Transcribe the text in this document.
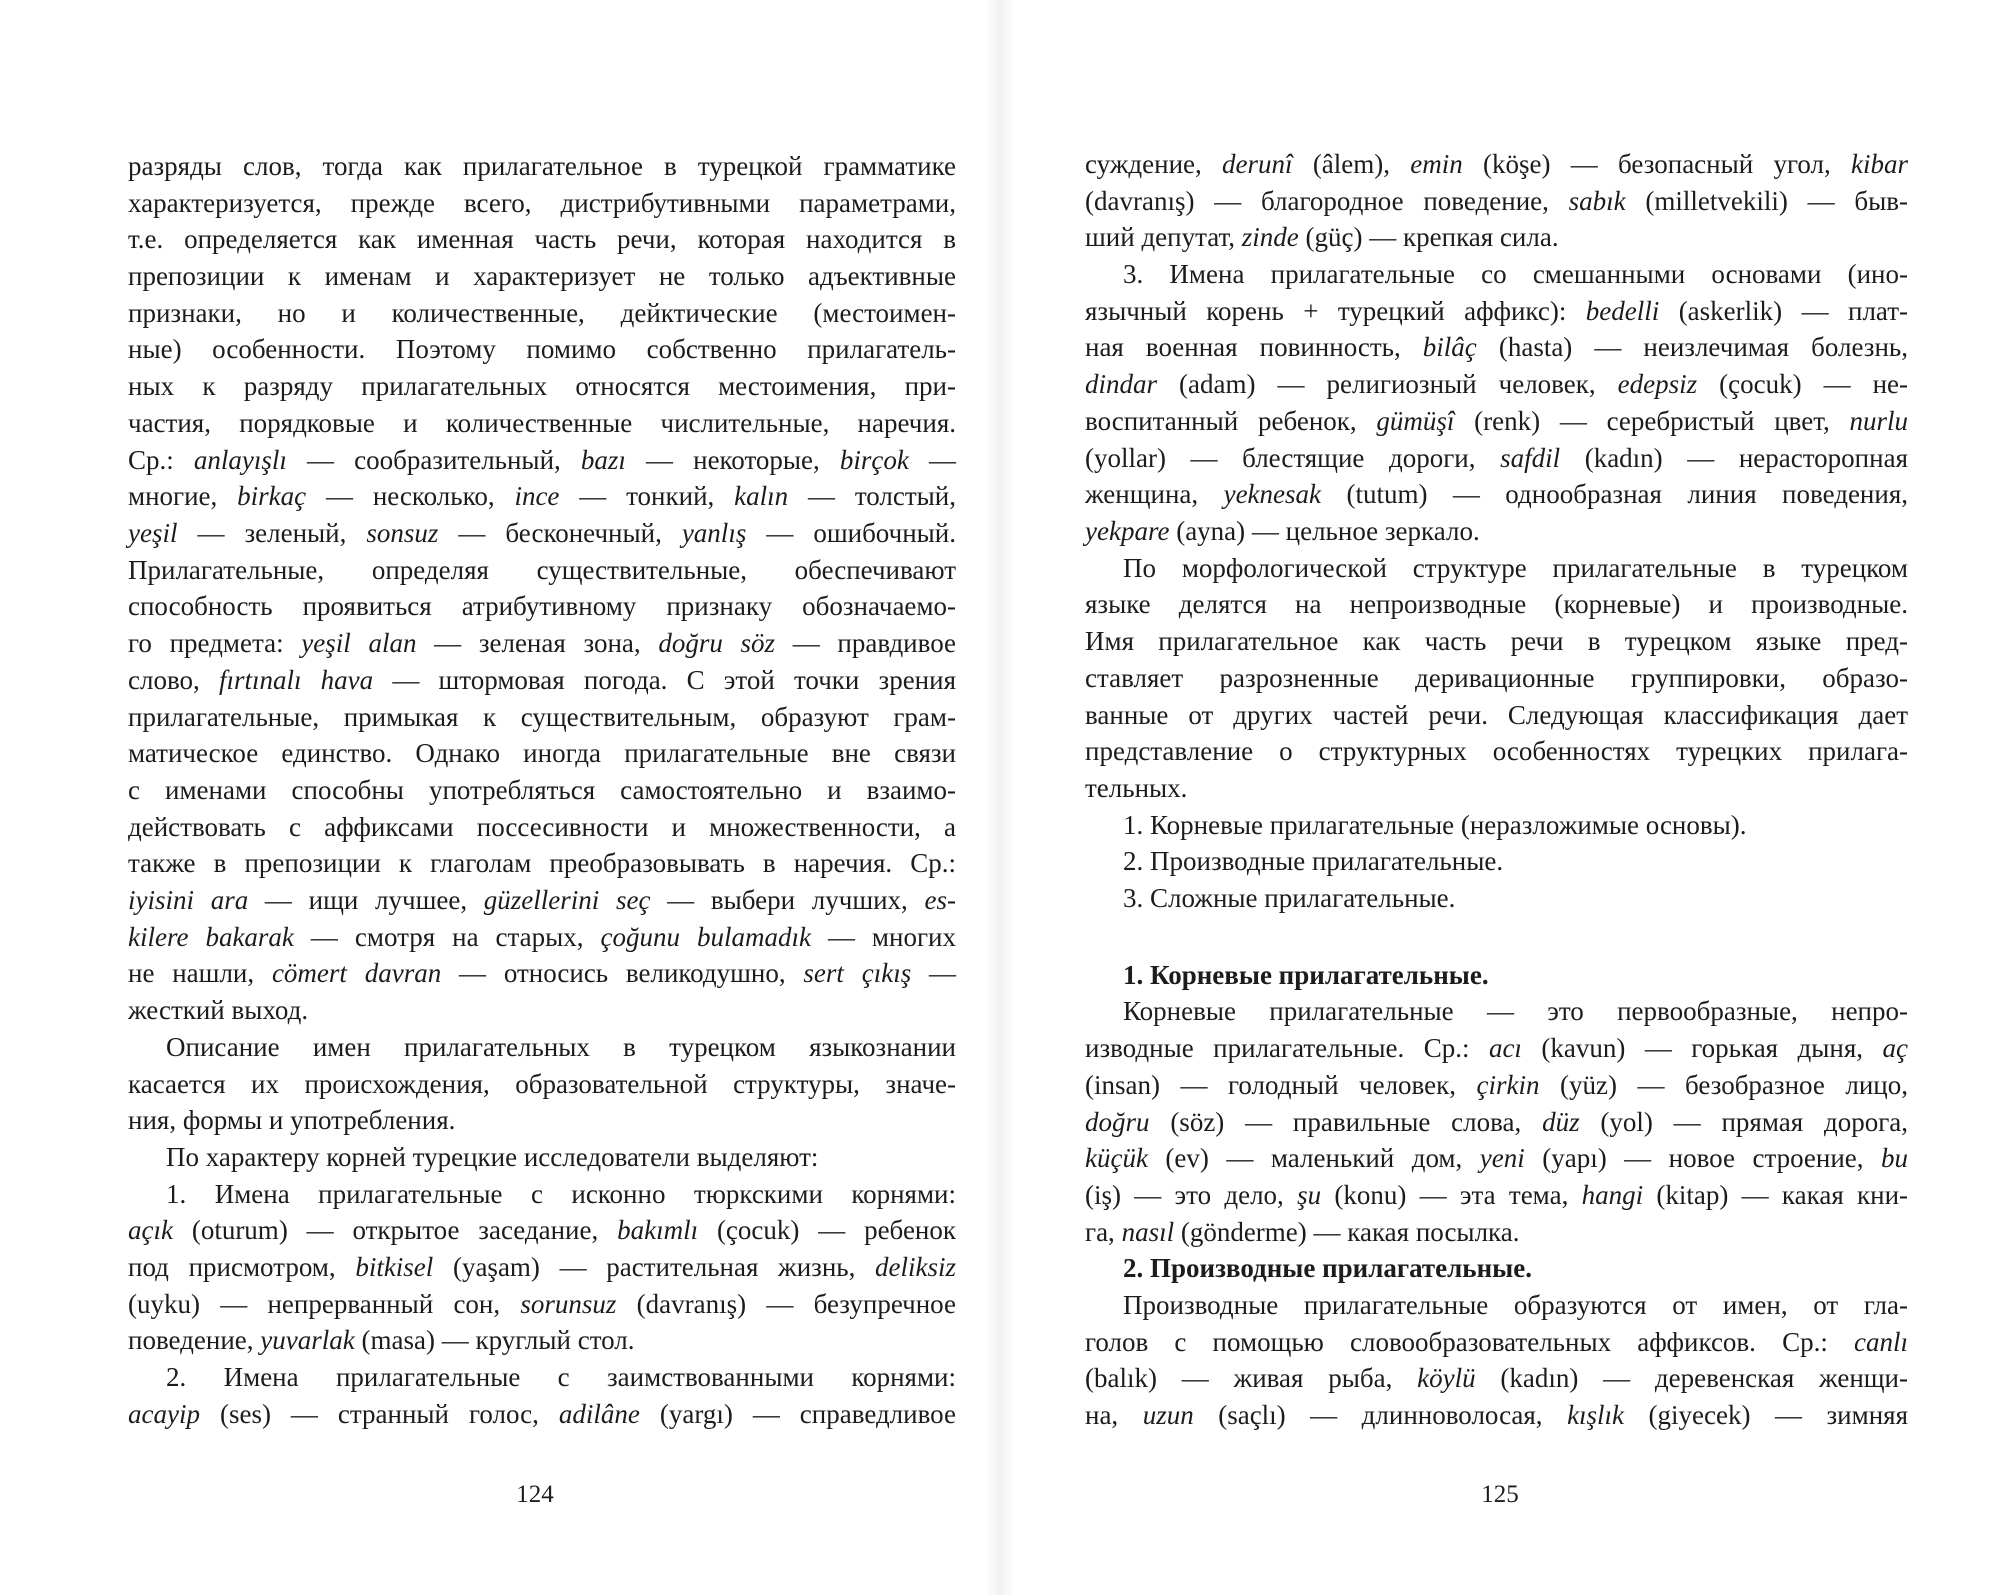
разряды слов, тогда как прилагательное в турецкой грамматике
характеризуется, прежде всего, дистрибутивными параметрами,
т.е. определяется как именная часть речи, которая находится в
препозиции к именам и характеризует не только адъективные
признаки, но и количественные, дейктические (местоимен-
ные) особенности. Поэтому помимо собственно прилагатель-
ных к разряду прилагательных относятся местоимения, при-
частия, порядковые и количественные числительные, наречия.
Ср.: anlayışlı — сообразительный, bazı — некоторые, birçok —
многие, birkaç — несколько, ince — тонкий, kalın — толстый,
yeşil — зеленый, sonsuz — бесконечный, yanlış — ошибочный.
Прилагательные, определяя существительные, обеспечивают
способность проявиться атрибутивному признаку обозначаемо-
го предмета: yeşil alan — зеленая зона, doğru söz — правдивое
слово, fırtınalı hava — штормовая погода. С этой точки зрения
прилагательные, примыкая к существительным, образуют грам-
матическое единство. Однако иногда прилагательные вне связи
с именами способны употребляться самостоятельно и взаимо-
действовать с аффиксами поссесивности и множественности, а
также в препозиции к глаголам преобразовывать в наречия. Ср.:
iyisini ara — ищи лучшее, güzellerini seç — выбери лучших, es-
kilere bakarak — смотря на старых, çoğunu bulamadık — многих
не нашли, cömert davran — относись великодушно, sert çıkış —
жесткий выход.
Описание имен прилагательных в турецком языкознании
касается их происхождения, образовательной структуры, значе-
ния, формы и употребления.
По характеру корней турецкие исследователи выделяют:
1. Имена прилагательные с исконно тюркскими корнями:
açık (oturum) — открытое заседание, bakımlı (çocuk) — ребенок
под присмотром, bitkisel (yaşam) — растительная жизнь, deliksiz
(uyku) — непрерванный сон, sorunsuz (davranış) — безупречное
поведение, yuvarlak (masa) — круглый стол.
2. Имена прилагательные с заимствованными корнями:
acayip (ses) — странный голос, adilâne (yargı) — справедливое
124
суждение, derunî (âlem), emin (köşe) — безопасный угол, kibar
(davranış) — благородное поведение, sabık (milletvekili) — быв-
ший депутат, zinde (güç) — крепкая сила.
3. Имена прилагательные со смешанными основами (ино-
язычный корень + турецкий аффикс): bedelli (askerlik) — плат-
ная военная повинность, bilâç (hasta) — неизлечимая болезнь,
dindar (adam) — религиозный человек, edepsiz (çocuk) — не-
воспитанный ребенок, gümüşî (renk) — серебристый цвет, nurlu
(yollar) — блестящие дороги, safdil (kadın) — нерасторопная
женщина, yeknesak (tutum) — однообразная линия поведения,
yekpare (ayna) — цельное зеркало.
По морфологической структуре прилагательные в турецком
языке делятся на непроизводные (корневые) и производные.
Имя прилагательное как часть речи в турецком языке пред-
ставляет разрозненные деривационные группировки, образо-
ванные от других частей речи. Следующая классификация дает
представление о структурных особенностях турецких прилага-
тельных.
1. Корневые прилагательные (неразложимые основы).
2. Производные прилагательные.
3. Сложные прилагательные.
1. Корневые прилагательные.
Корневые прилагательные — это первообразные, непро-
изводные прилагательные. Ср.: acı (kavun) — горькая дыня, aç
(insan) — голодный человек, çirkin (yüz) — безобразное лицо,
doğru (söz) — правильные слова, düz (yol) — прямая дорога,
küçük (ev) — маленький дом, yeni (yapı) — новое строение, bu
(iş) — это дело, şu (konu) — эта тема, hangi (kitap) — какая кни-
га, nasıl (gönderme) — какая посылка.
2. Производные прилагательные.
Производные прилагательные образуются от имен, от гла-
голов с помощью словообразовательных аффиксов. Ср.: canlı
(balık) — живая рыба, köylü (kadın) — деревенская женщи-
на, uzun (saçlı) — длинноволосая, kışlık (giyecek) — зимняя
125
